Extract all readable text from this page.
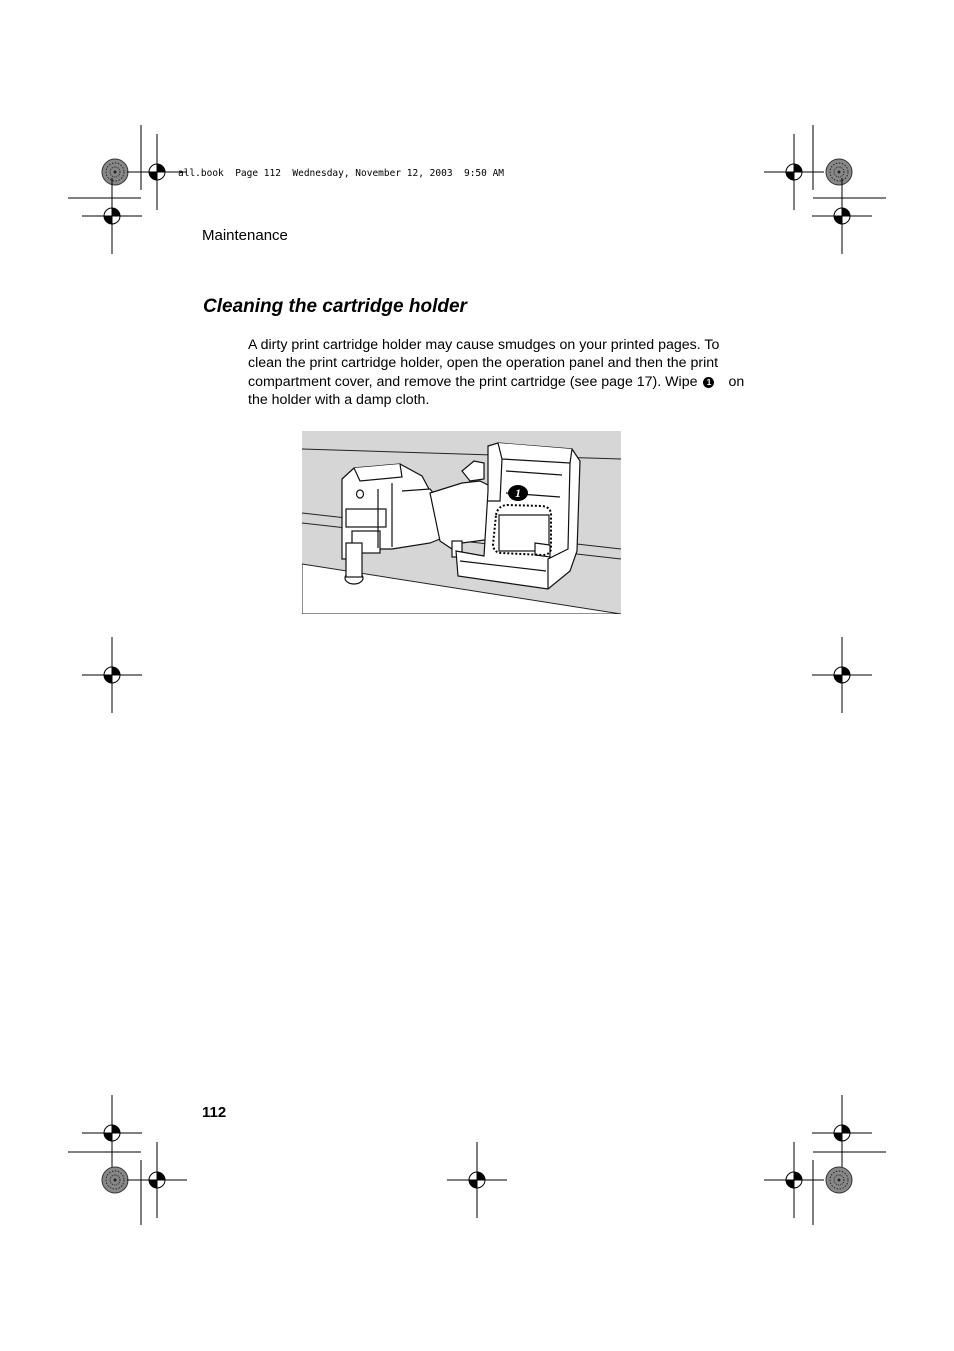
all.book  Page 112  Wednesday, November 12, 2003  9:50 AM
Maintenance
Cleaning the cartridge holder

A dirty print cartridge holder may cause smudges on your printed pages. To
clean the print cartridge holder, open the operation panel and then the print
compartment cover, and remove the print cartridge (see page 17). Wipe 1 on
the holder with a damp cloth.

1
112
